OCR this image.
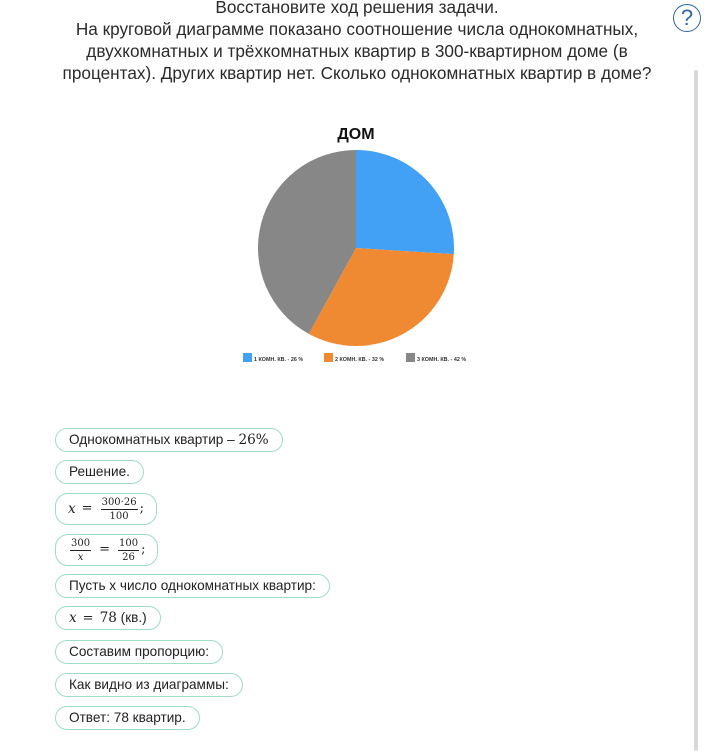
Восстановите ход решения задачи.
На круговой диаграмме показано соотношение числа однокомнатных, двухкомнатных и трёхкомнатных квартир в 300-квартирном доме (в процентах). Других квартир нет. Сколько однокомнатных квартир в доме?
?
ДОМ
1 КОМН. КВ. - 26 %	2 КОМН. КВ. - 32 %	3 КОМН. КВ. - 42 %
Однокомнатных квартир – 26%
Решение.
$x = \frac{300\cdot 26}{100}$ ;
$\frac{300}{x} = \frac{100}{26}$ ;
Пусть x число однокомнатных квартир:
x = 78 (кв.)
Составим пропорцию:
Как видно из диаграммы:
Ответ: 78 квартир.
